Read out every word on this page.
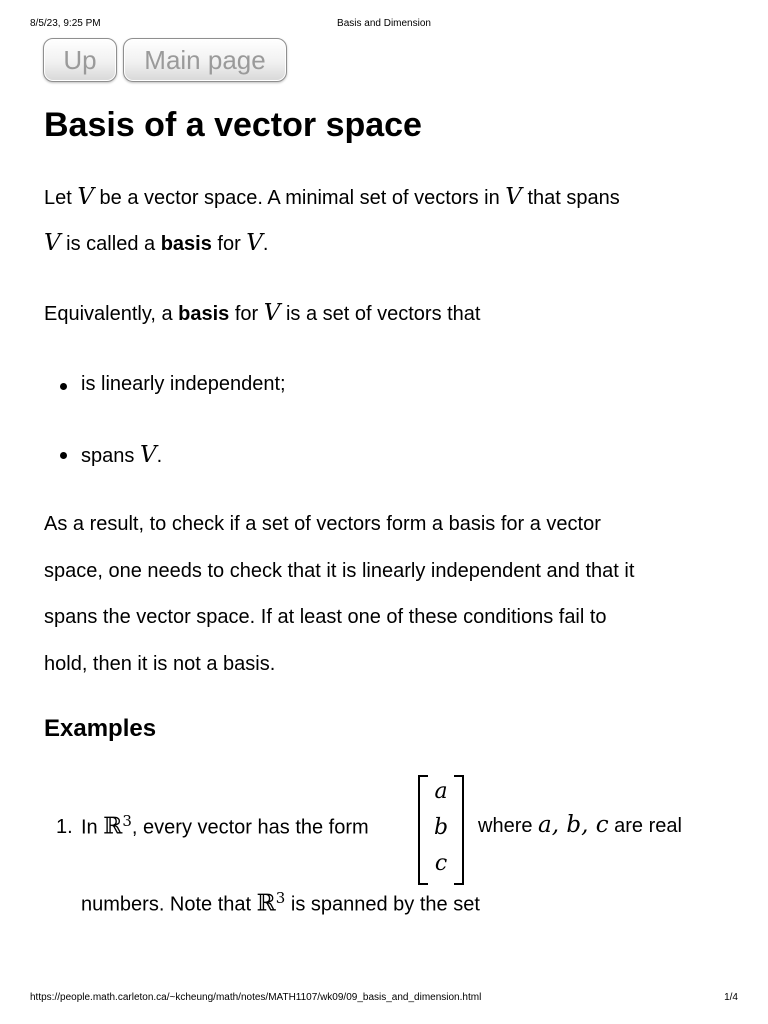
8/5/23, 9:25 PM	Basis and Dimension
Up	Main page
Basis of a vector space

Let V be a vector space. A minimal set of vectors in V that spans

V is called a basis for V.

Equivalently, a basis for V is a set of vectors that

is linearly independent;

spans V.

As a result, to check if a set of vectors form a basis for a vector

space, one needs to check that it is linearly independent and that it

spans the vector space. If at least one of these conditions fail to

hold, then it is not a basis.

Examples
1. In ℝ$^3$, every vector has the form

a
b
c

where a, b, c are real

numbers. Note that ℝ$^3$ is spanned by the set

https://people.math.carleton.ca/~kcheung/math/notes/MATH1107/wk09/09_basis_and_dimension.html	1/4
